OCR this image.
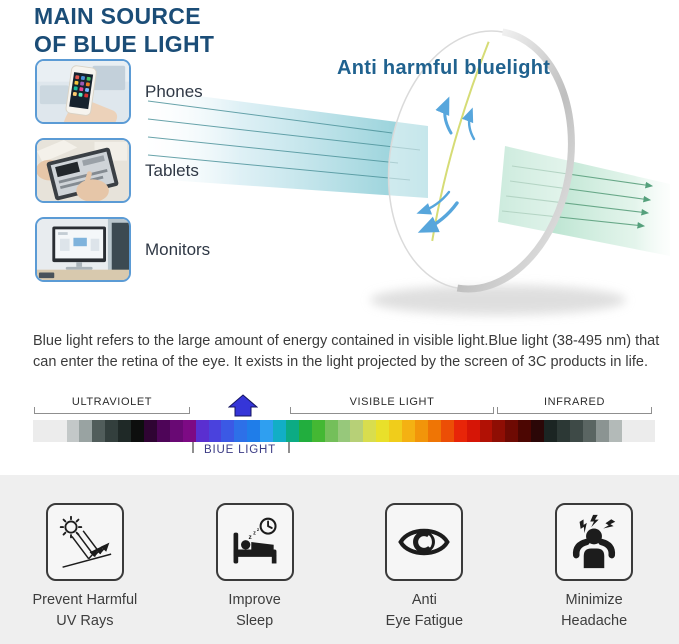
MAIN SOURCE
OF BLUE LIGHT
Anti harmful bluelight
Phones
Tablets
Monitors
Blue light refers to the large amount of energy contained in visible light.Blue light (38-495 nm) that
can enter the retina of the eye. It exists in the light projected by the screen of 3C products in life.
ULTRAVIOLET	VISIBLE LIGHT	INFRARED
BIUE LIGHT
Prevent Harmful
UV Rays
z
z
z
Improve
Sleep
Anti
Eye Fatigue
Minimize
Headache
